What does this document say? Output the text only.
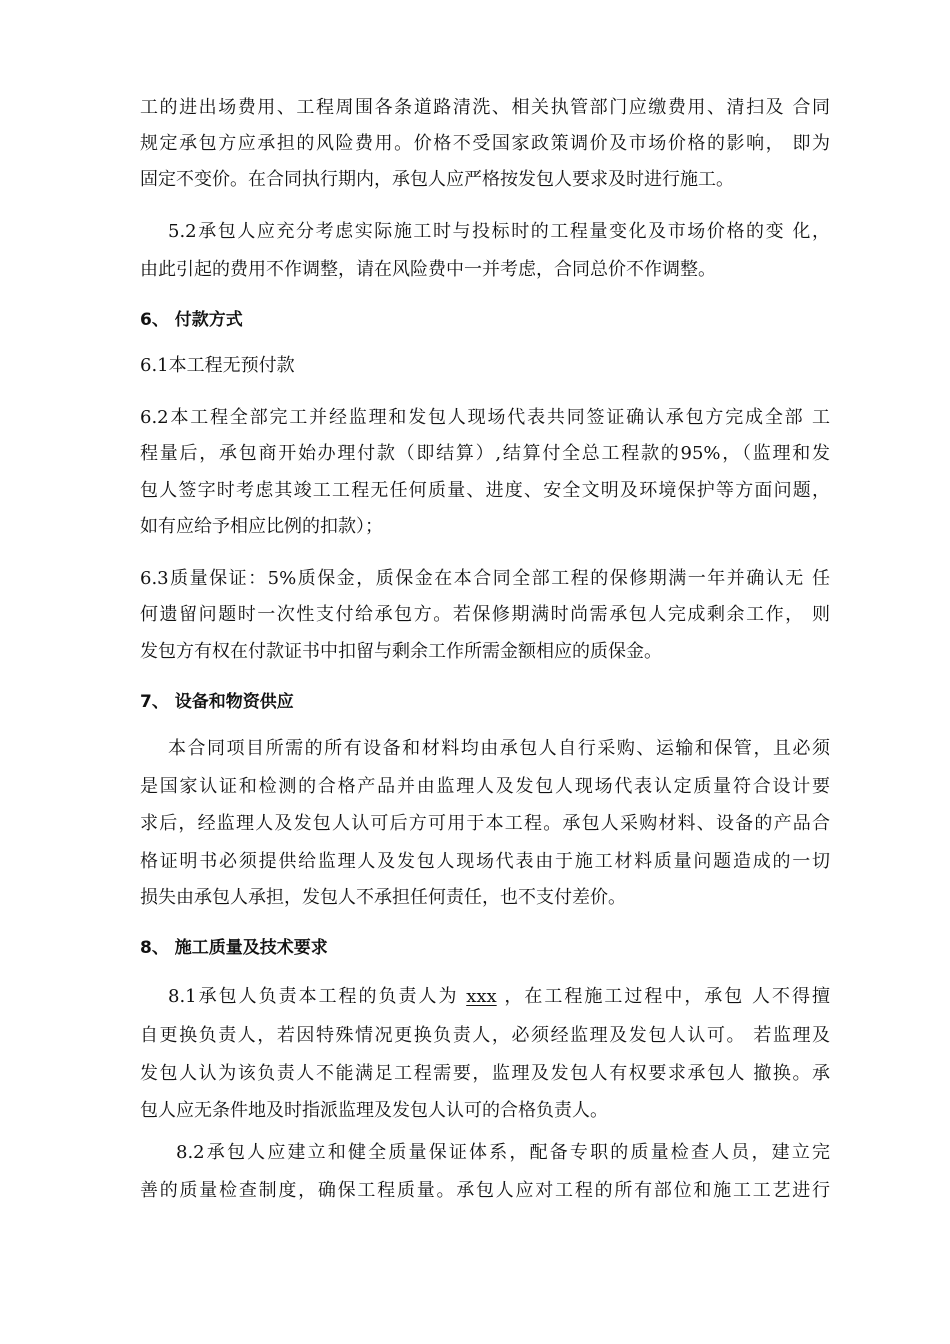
工的进出场费用、工程周围各条道路清洗、相关执管部门应缴费用、清扫及 合同
规定承包方应承担的风险费用。价格不受国家政策调价及市场价格的影响， 即为
固定不变价。在合同执行期内，承包人应严格按发包人要求及时进行施工。
5.2承包人应充分考虑实际施工时与投标时的工程量变化及市场价格的变 化，
由此引起的费用不作调整，请在风险费中一并考虑，合同总价不作调整。
6、 付款方式
6.1本工程无预付款
6.2本工程全部完工并经监理和发包人现场代表共同签证确认承包方完成全部 工
程量后，承包商开始办理付款（即结算）,结算付全总工程款的95%，（监理和发
包人签字时考虑其竣工工程无任何质量、进度、安全文明及环境保护等方面问题，
如有应给予相应比例的扣款）；
6.3质量保证：5%质保金，质保金在本合同全部工程的保修期满一年并确认无 任
何遗留问题时一次性支付给承包方。若保修期满时尚需承包人完成剩余工作， 则
发包方有权在付款证书中扣留与剩余工作所需金额相应的质保金。
7、 设备和物资供应
本合同项目所需的所有设备和材料均由承包人自行采购、运输和保管，且必须
是国家认证和检测的合格产品并由监理人及发包人现场代表认定质量符合设计要
求后，经监理人及发包人认可后方可用于本工程。承包人采购材料、设备的产品合
格证明书必须提供给监理人及发包人现场代表由于施工材料质量问题造成的一切
损失由承包人承担，发包人不承担任何责任，也不支付差价。
8、 施工质量及技术要求
8.1承包人负责本工程的负责人为 xxx ，在工程施工过程中，承包 人不得擅
自更换负责人，若因特殊情况更换负责人，必须经监理及发包人认可。 若监理及
发包人认为该负责人不能满足工程需要，监理及发包人有权要求承包人 撤换。承
包人应无条件地及时指派监理及发包人认可的合格负责人。
8.2承包人应建立和健全质量保证体系，配备专职的质量检查人员，建立完
善的质量检查制度，确保工程质量。承包人应对工程的所有部位和施工工艺进行
